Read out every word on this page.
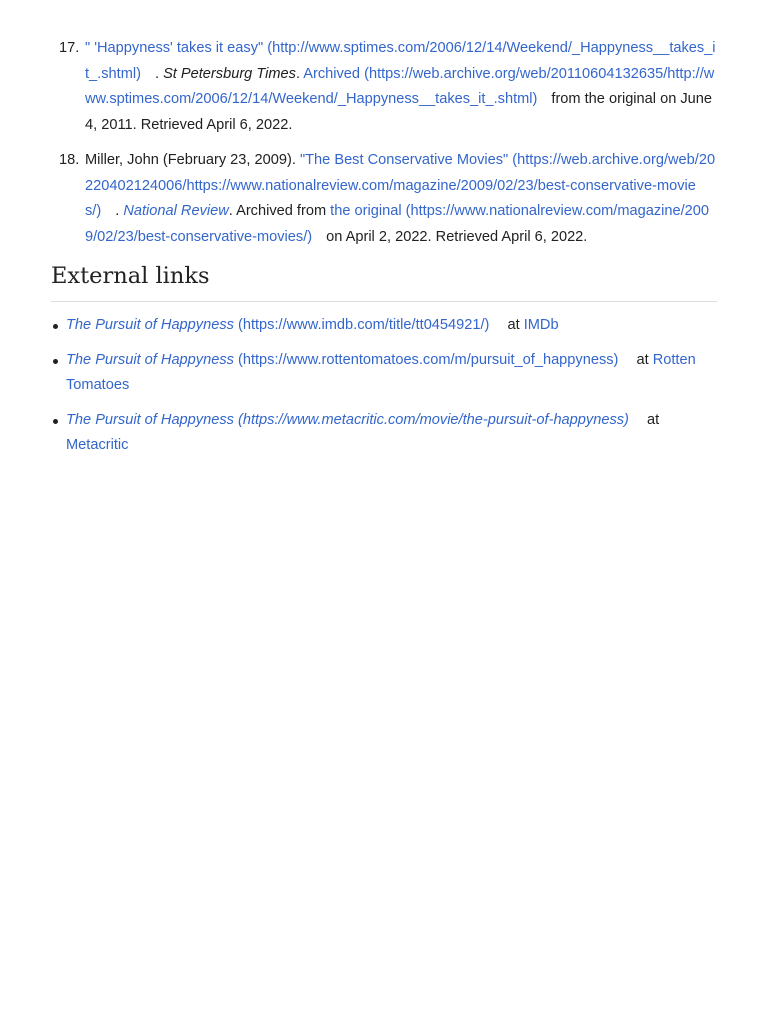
17. " 'Happyness' takes it easy" (http://www.sptimes.com/2006/12/14/Weekend/_Happyness__takes_it_.shtml) . St Petersburg Times. Archived (https://web.archive.org/web/20110604132635/http://www.sptimes.com/2006/12/14/Weekend/_Happyness__takes_it_.shtml) from the original on June 4, 2011. Retrieved April 6, 2022.
18. Miller, John (February 23, 2009). "The Best Conservative Movies" (https://web.archive.org/web/20220402124006/https://www.nationalreview.com/magazine/2009/02/23/best-conservative-movies/) . National Review. Archived from the original (https://www.nationalreview.com/magazine/2009/02/23/best-conservative-movies/) on April 2, 2022. Retrieved April 6, 2022.
External links
The Pursuit of Happyness (https://www.imdb.com/title/tt0454921/) at IMDb
The Pursuit of Happyness (https://www.rottentomatoes.com/m/pursuit_of_happyness) at Rotten Tomatoes
The Pursuit of Happyness (https://www.metacritic.com/movie/the-pursuit-of-happyness) at Metacritic
